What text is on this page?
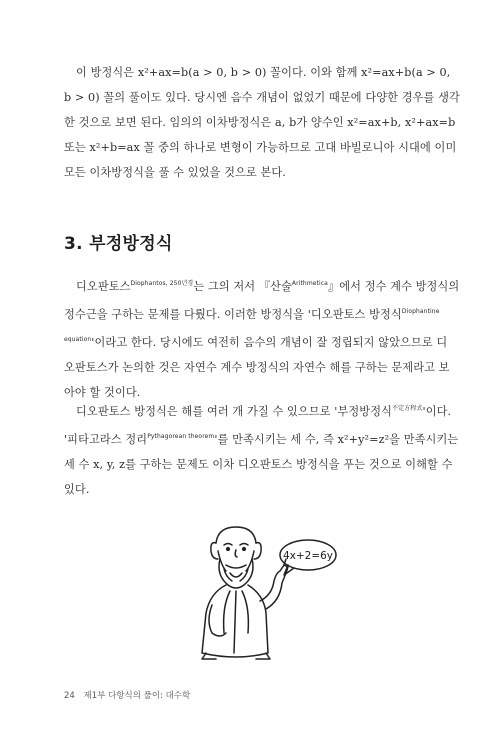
이 방정식은 x²+ax=b(a > 0, b > 0) 꼴이다. 이와 함께 x²=ax+b(a > 0,
b > 0) 꼴의 풀이도 있다. 당시엔 음수 개념이 없었기 때문에 다양한 경우를 생각
한 것으로 보면 된다. 임의의 이차방정식은 a, b가 양수인 x²=ax+b, x²+ax=b
또는 x²+b=ax 꼴 중의 하나로 변형이 가능하므로 고대 바빌로니아 시대에 이미
모든 이차방정식을 풀 수 있었을 것으로 본다.

3. 부정방정식

디오판토스$^{Diophantos, 250년경}$는 그의 저서 『산술$^{Arithmetica}$』에서 정수 계수 방정식의
정수근을 구하는 문제를 다뤘다. 이러한 방정식을 '디오판토스 방정식$^{Diophantine}$
$^{equation}$'이라고 한다. 당시에도 여전히 음수의 개념이 잘 정립되지 않았으므로 디
오판토스가 논의한 것은 자연수 계수 방정식의 자연수 해를 구하는 문제라고 보
아야 할 것이다.

디오판토스 방정식은 해를 여러 개 가질 수 있으므로 '부정방정식$^{不定方程式}$'이다.
'피타고라스 정리$^{Pythagorean theorem}$'를 만족시키는 세 수, 즉 x²+y²=z²을 만족시키는
세 수 x, y, z를 구하는 문제도 이차 디오판토스 방정식을 푸는 것으로 이해할 수
있다.

4x+2=6y
24 제1부 다항식의 풀이: 대수학
